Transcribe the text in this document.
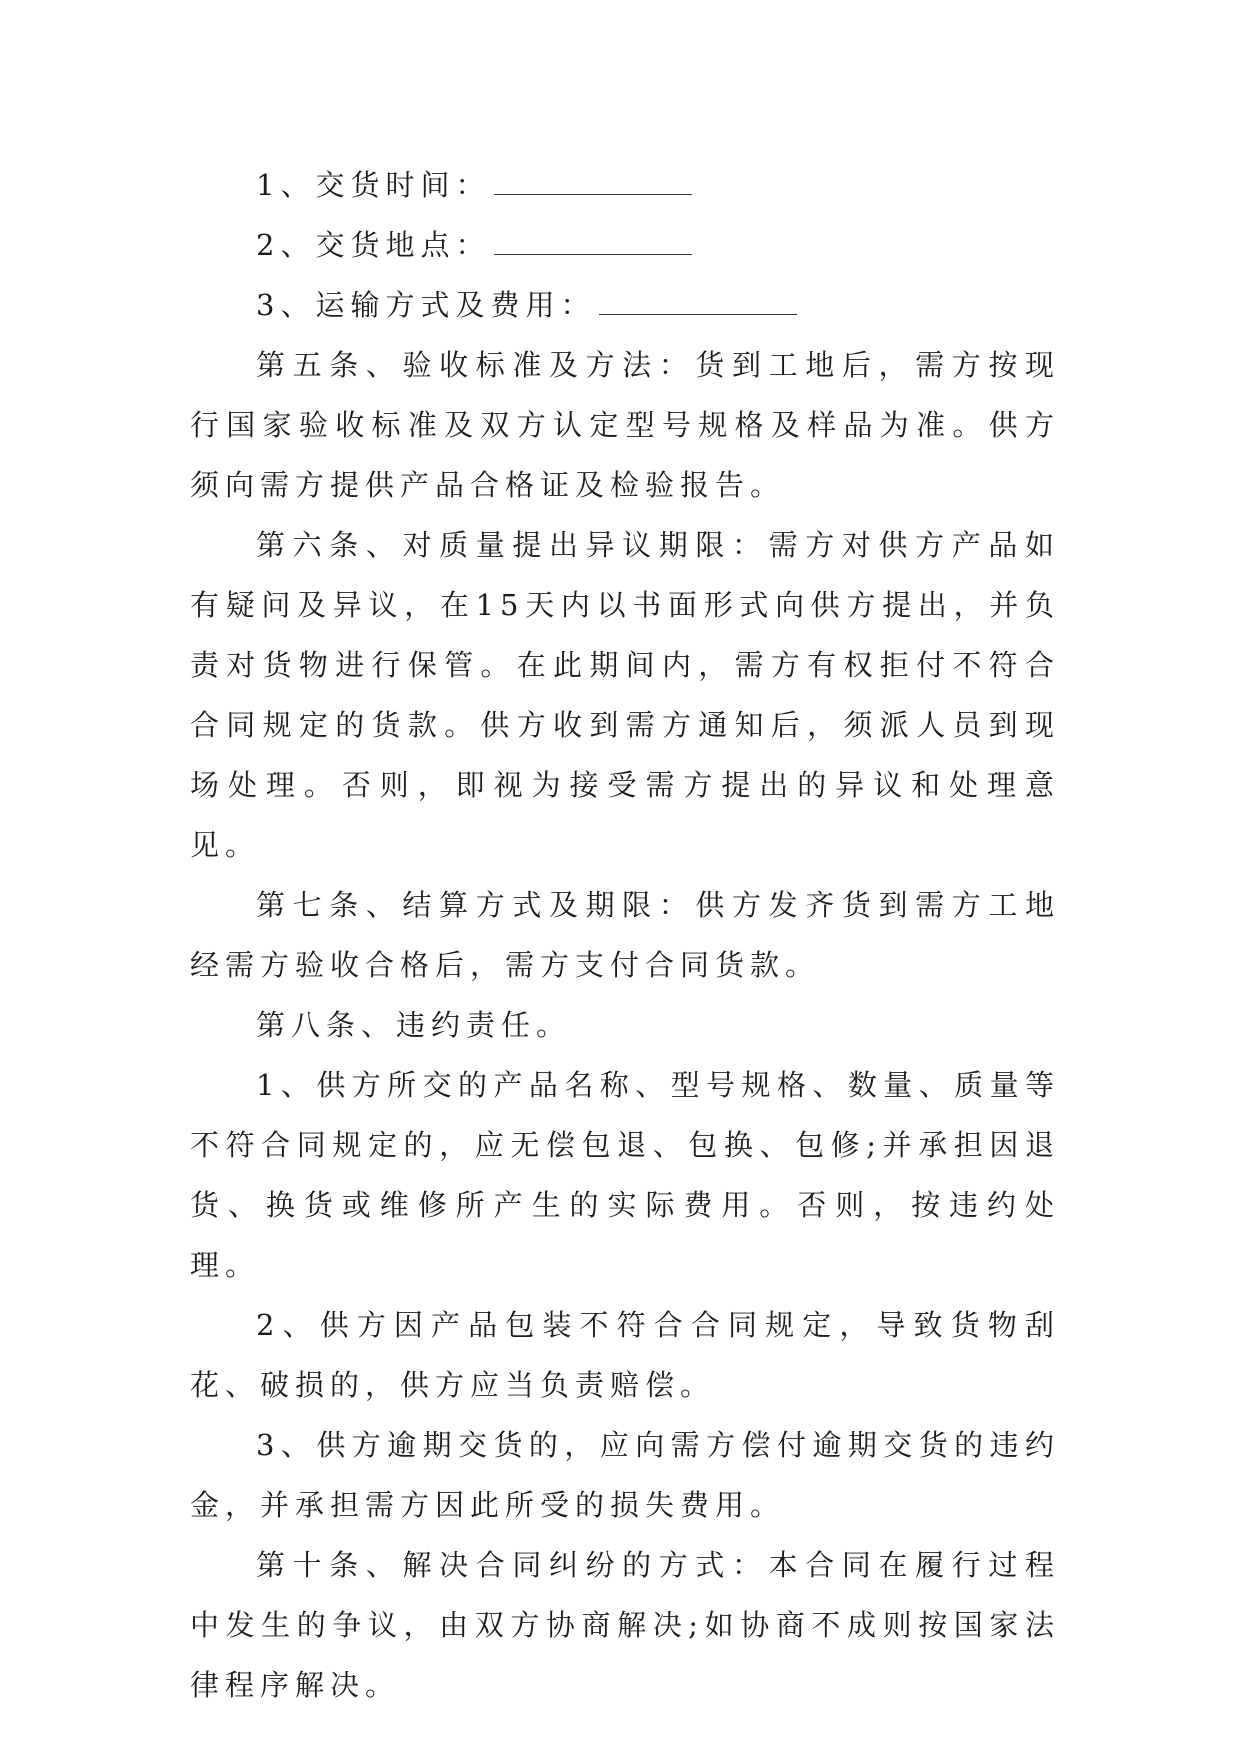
1、交货时间：

2、交货地点：

3、运输方式及费用：

第五条、验收标准及方法：货到工地后，需方按现行国家验收标准及双方认定型号规格及样品为准。供方须向需方提供产品合格证及检验报告。

第六条、对质量提出异议期限：需方对供方产品如有疑问及异议，在15天内以书面形式向供方提出，并负责对货物进行保管。在此期间内，需方有权拒付不符合合同规定的货款。供方收到需方通知后，须派人员到现场处理。否则，即视为接受需方提出的异议和处理意见。

第七条、结算方式及期限：供方发齐货到需方工地经需方验收合格后，需方支付合同货款。

第八条、违约责任。

1、供方所交的产品名称、型号规格、数量、质量等不符合同规定的，应无偿包退、包换、包修;并承担因退货、换货或维修所产生的实际费用。否则，按违约处理。

2、供方因产品包装不符合合同规定，导致货物刮花、破损的，供方应当负责赔偿。

3、供方逾期交货的，应向需方偿付逾期交货的违约金，并承担需方因此所受的损失费用。

第十条、解决合同纠纷的方式：本合同在履行过程中发生的争议，由双方协商解决;如协商不成则按国家法律程序解决。
